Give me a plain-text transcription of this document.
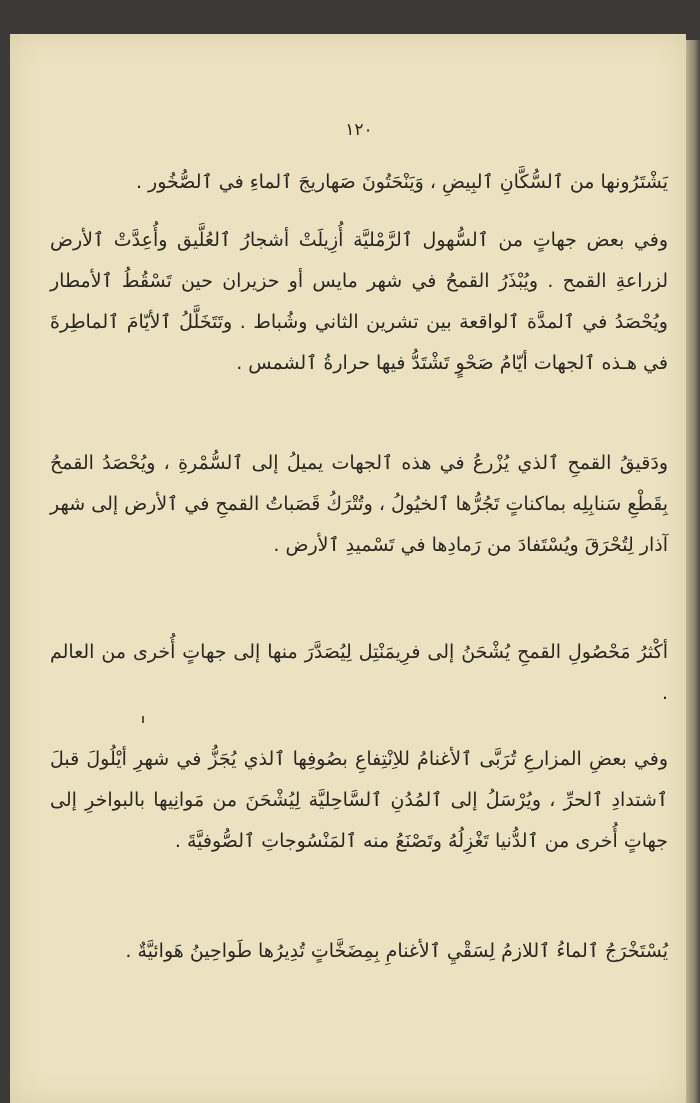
١٢٠

يَشْتَرُونها من ٱلسُّكَّانِ ٱلبِيضِ ، وَيَنْحَتُونَ صَهاريجَ ٱلماءِ في ٱلصُّخُور .

وفي بعض جهاتٍ من ٱلسُّهول ٱلرَّمْليَّة أُزِيلَتْ أشجارُ ٱلعُلَّيق وأُعِدَّتْ ٱلأرض لزراعةِ القمح . ويُبْذَرُ القمحُ في شهر مايس أو حزيران حين تَسْقُطُ ٱلأمطار ويُحْصَدُ في ٱلمدَّة ٱلواقعة بين تشرين الثاني وشُباط . وتَتَخَلَّلُ ٱلأيّامَ ٱلماطِرةَ في هـذه ٱلجهات أيّامُ صَحْوٍ تَشْتَدُّ فيها حرارةُ ٱلشمس .

ودَقيقُ القمحِ ٱلذي يُزْرعُ في هذه ٱلجهات يميلُ إلى ٱلسُّمْرةِ ، ويُحْصَدُ القمحُ بِقَطْعِ سَنابِلِه بماكناتٍ تَجُرُّها ٱلخيُولُ ، وتُتْرَكُ قَصَباتُ القمحِ في ٱلأرض إلى شهر آذار لِتُحْرَقَ ويُسْتَفادَ من رَمادِها في تَسْميدِ ٱلأرض .

أكْثرُ مَحْصُولِ القمحِ يُشْحَنُ إلى فرِيمَنْتِل لِيُصَدَّرَ منها إلى جهاتٍ أُخرى من العالم .

وفي بعضِ المزارعِ تُرَبَّى ٱلأغنامُ للاِنْتِفاعِ بصُوفِها ٱلذي يُجَزُّ في شهرِ أيْلُولَ قبلَ ٱشتدادِ ٱلحرِّ ، ويُرْسَلُ إلى ٱلمُدُنِ ٱلسَّاحِليَّة لِيُشْحَنَ من مَوانِيها بالبواخرِ إلى جهاتٍ أُخرى من ٱلدُّنيا تَغْزِلُهُ وتَصْنَعُ منه ٱلمَنْسُوجاتِ ٱلصُّوفيَّةَ .

يُسْتَخْرَجُ ٱلماءُ ٱللازمُ لِسَقْيِ ٱلأغنامِ بِمِضَخَّاتٍ تُدِيرُها طَواحِينُ هَوائيَّةٌ .
